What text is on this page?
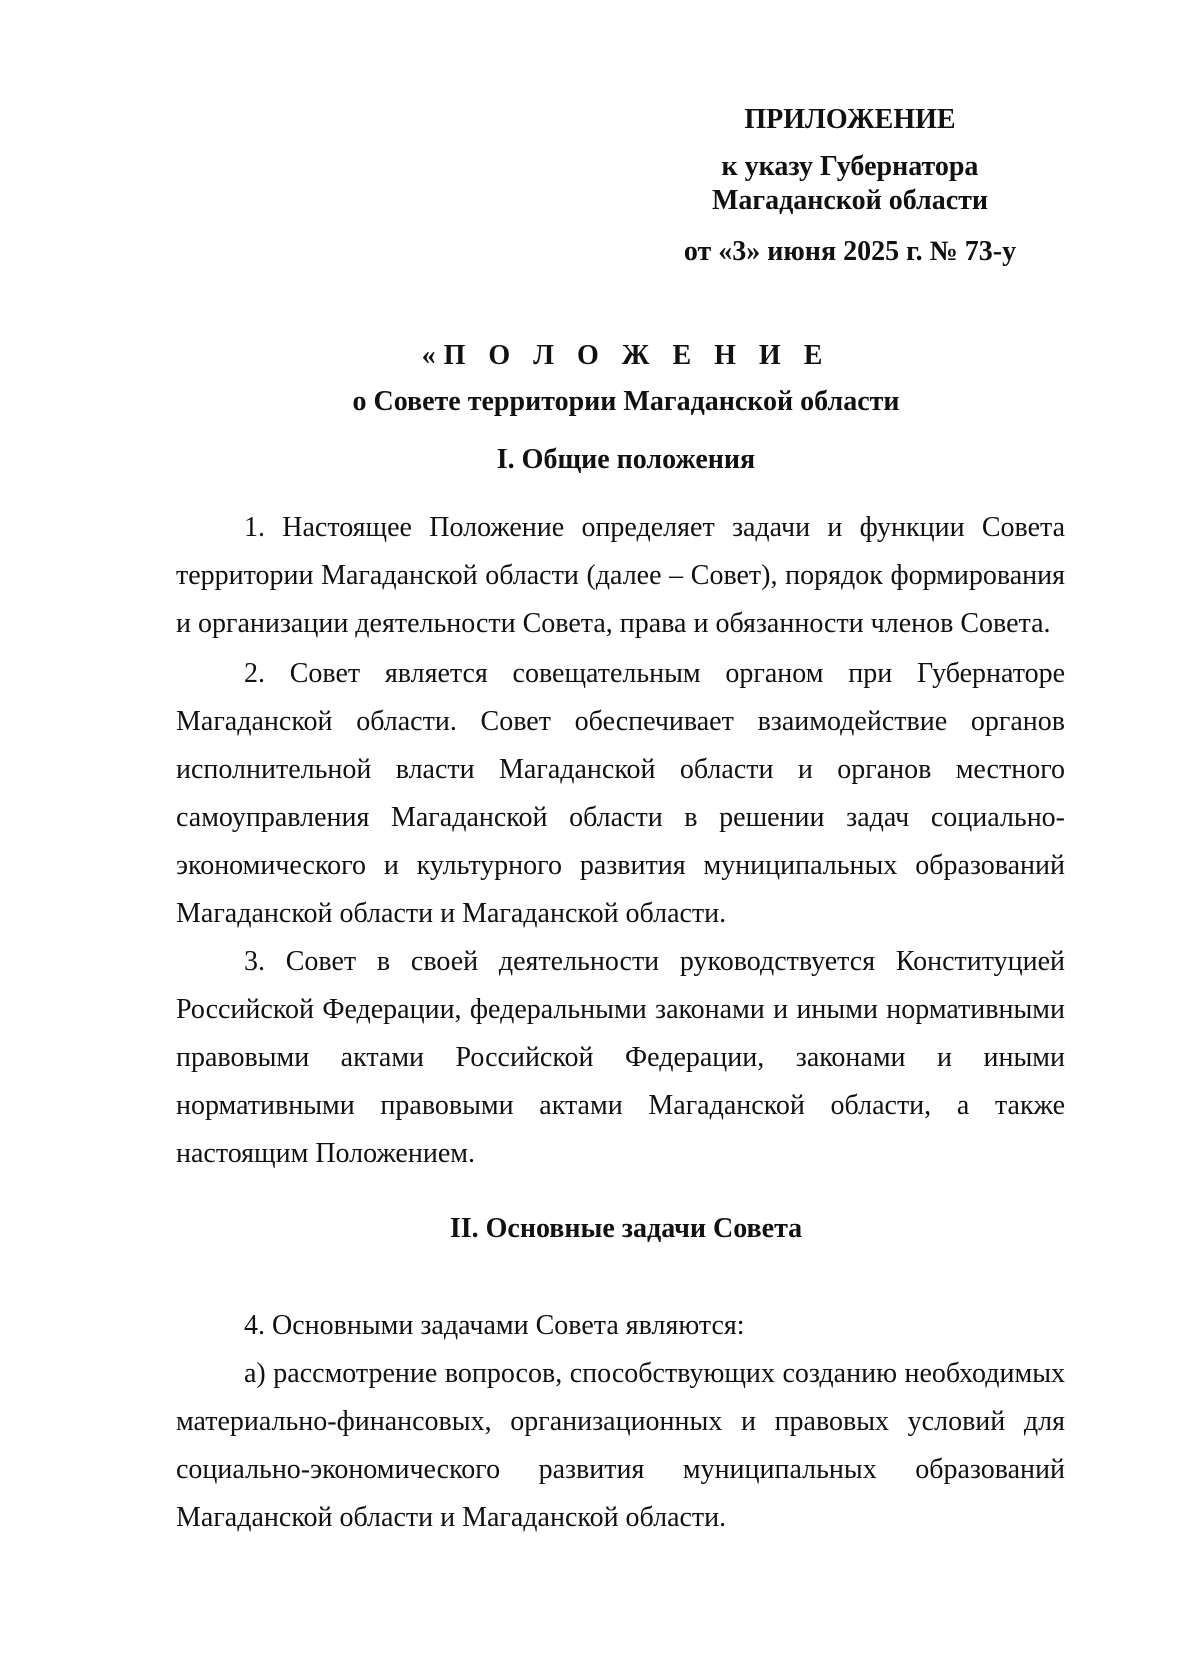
ПРИЛОЖЕНИЕ
к указу Губернатора
Магаданской области
от «3» июня 2025 г. № 73-у
«П О Л О Ж Е Н И Е
о Совете территории Магаданской области
I. Общие положения

1. Настоящее Положение определяет задачи и функции Совета территории Магаданской области (далее – Совет), порядок формирования и организации деятельности Совета, права и обязанности членов Совета.

2. Совет является совещательным органом при Губернаторе Магаданской области. Совет обеспечивает взаимодействие органов исполнительной власти Магаданской области и органов местного самоуправления Магаданской области в решении задач социально-экономического и культурного развития муниципальных образований Магаданской области и Магаданской области.

3. Совет в своей деятельности руководствуется Конституцией Российской Федерации, федеральными законами и иными нормативными правовыми актами Российской Федерации, законами и иными нормативными правовыми актами Магаданской области, а также настоящим Положением.

II. Основные задачи Совета

4. Основными задачами Совета являются:

а) рассмотрение вопросов, способствующих созданию необходимых материально-финансовых, организационных и правовых условий для социально-экономического развития муниципальных образований Магаданской области и Магаданской области.
